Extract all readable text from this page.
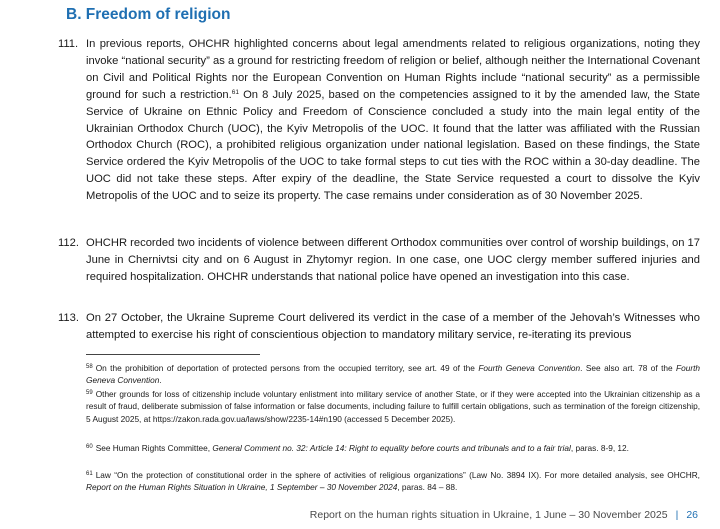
B. Freedom of religion
111. In previous reports, OHCHR highlighted concerns about legal amendments related to religious organizations, noting they invoke “national security” as a ground for restricting freedom of religion or belief, although neither the International Covenant on Civil and Political Rights nor the European Convention on Human Rights include “national security” as a permissible ground for such a restriction.$^{61}$ On 8 July 2025, based on the competencies assigned to it by the amended law, the State Service of Ukraine on Ethnic Policy and Freedom of Conscience concluded a study into the main legal entity of the Ukrainian Orthodox Church (UOC), the Kyiv Metropolis of the UOC. It found that the latter was affiliated with the Russian Orthodox Church (ROC), a prohibited religious organization under national legislation. Based on these findings, the State Service ordered the Kyiv Metropolis of the UOC to take formal steps to cut ties with the ROC within a 30-day deadline. The UOC did not take these steps. After expiry of the deadline, the State Service requested a court to dissolve the Kyiv Metropolis of the UOC and to seize its property. The case remains under consideration as of 30 November 2025.

112. OHCHR recorded two incidents of violence between different Orthodox communities over control of worship buildings, on 17 June in Chernivtsi city and on 6 August in Zhytomyr region. In one case, one UOC clergy member suffered injuries and required hospitalization. OHCHR understands that national police have opened an investigation into this case.

113. On 27 October, the Ukraine Supreme Court delivered its verdict in the case of a member of the Jehovah’s Witnesses who attempted to exercise his right of conscientious objection to mandatory military service, re-iterating its previous

$^{58}$ On the prohibition of deportation of protected persons from the occupied territory, see art. 49 of the Fourth Geneva Convention. See also art. 78 of the Fourth Geneva Convention.
$^{59}$ Other grounds for loss of citizenship include voluntary enlistment into military service of another State, or if they were accepted into the Ukrainian citizenship as a result of fraud, deliberate submission of false information or false documents, including failure to fulfill certain obligations, such as termination of the foreign citizenship, 5 August 2025, at https://zakon.rada.gov.ua/laws/show/2235-14#n190 (accessed 5 December 2025).
$^{60}$ See Human Rights Committee, General Comment no. 32: Article 14: Right to equality before courts and tribunals and to a fair trial, paras. 8-9, 12.
$^{61}$ Law “On the protection of constitutional order in the sphere of activities of religious organizations” (Law No. 3894 IX). For more detailed analysis, see OHCHR, Report on the Human Rights Situation in Ukraine, 1 September – 30 November 2024, paras. 84 – 88.
Report on the human rights situation in Ukraine, 1 June – 30 November 2025 | 26
